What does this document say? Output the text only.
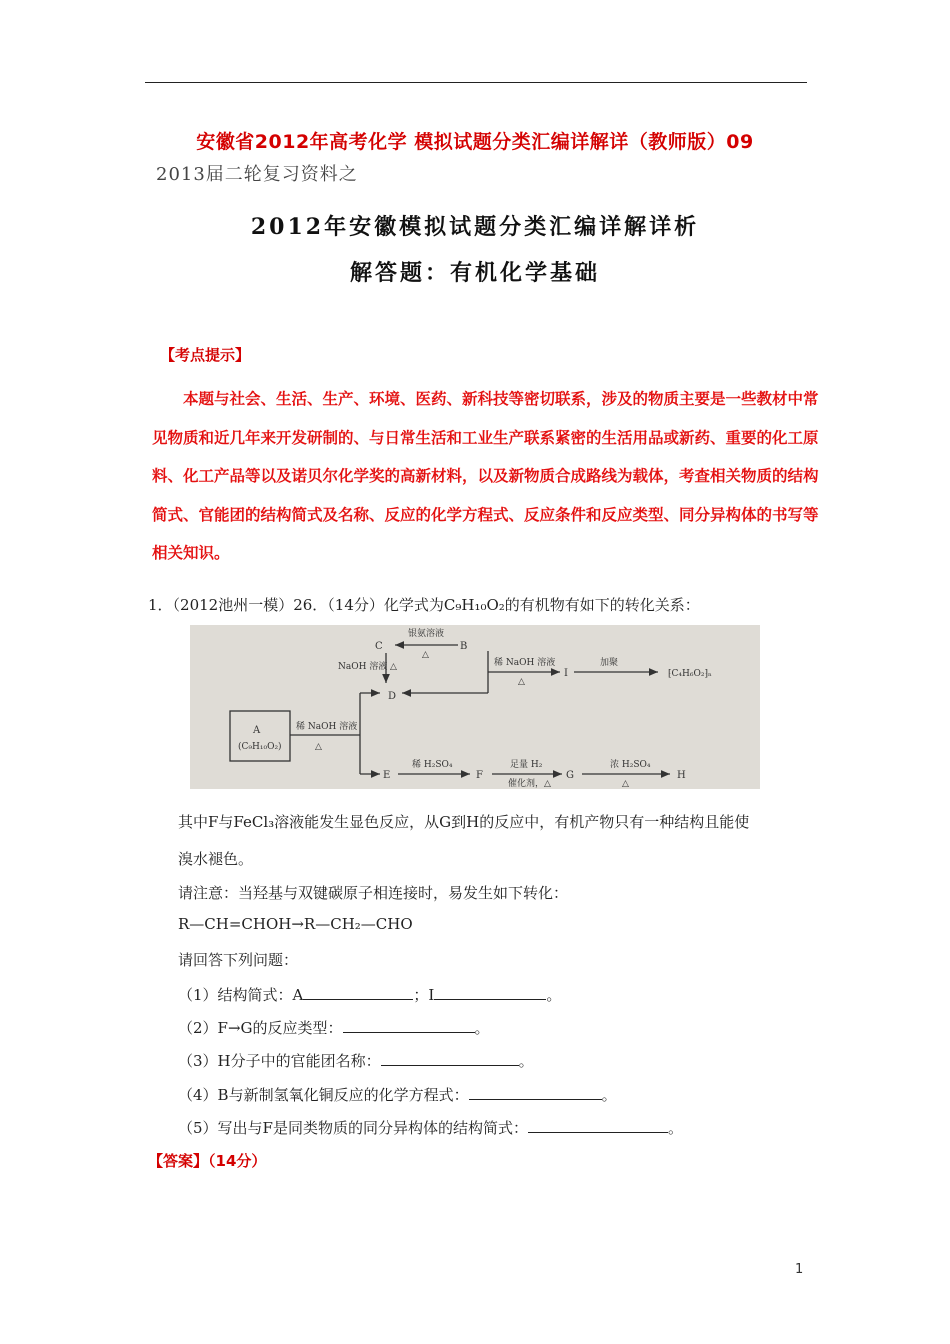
安徽省2012年高考化学 模拟试题分类汇编详解详（教师版）09
2013届二轮复习资料之
2012年安徽模拟试题分类汇编详解详析
解答题：有机化学基础
【考点提示】
本题与社会、生活、生产、环境、医药、新科技等密切联系，涉及的物质主要是一些教材中常见物质和近几年来开发研制的、与日常生活和工业生产联系紧密的生活用品或新药、重要的化工原料、化工产品等以及诺贝尔化学奖的高新材料，以及新物质合成路线为载体，考查相关物质的结构简式、官能团的结构简式及名称、反应的化学方程式、反应条件和反应类型、同分异构体的书写等相关知识。
1．（2012池州一模）26．（14分）化学式为C₉H₁₀O₂的有机物有如下的转化关系：
A
(C₉H₁₀O₂)
稀 NaOH 溶液
△
银氨溶液
△
C	B
NaOH 溶液 △
D
稀 NaOH 溶液
△
I
加聚
⁅C₄H₆O₂⁆ₙ
E
稀 H₂SO₄
F
足量 H₂
催化剂，△
G
浓 H₂SO₄
△
H
其中F与FeCl₃溶液能发生显色反应，从G到H的反应中，有机产物只有一种结构且能使
溴水褪色。
请注意：当羟基与双键碳原子相连接时，易发生如下转化：
R—CH=CHOH→R—CH₂—CHO
请回答下列问题：
（1）结构简式：A	；I	。
（2）F→G的反应类型：	。
（3）H分子中的官能团名称：	。
（4）B与新制氢氧化铜反应的化学方程式：	。
（5）写出与F是同类物质的同分异构体的结构简式：	。
【答案】（14分）
1
